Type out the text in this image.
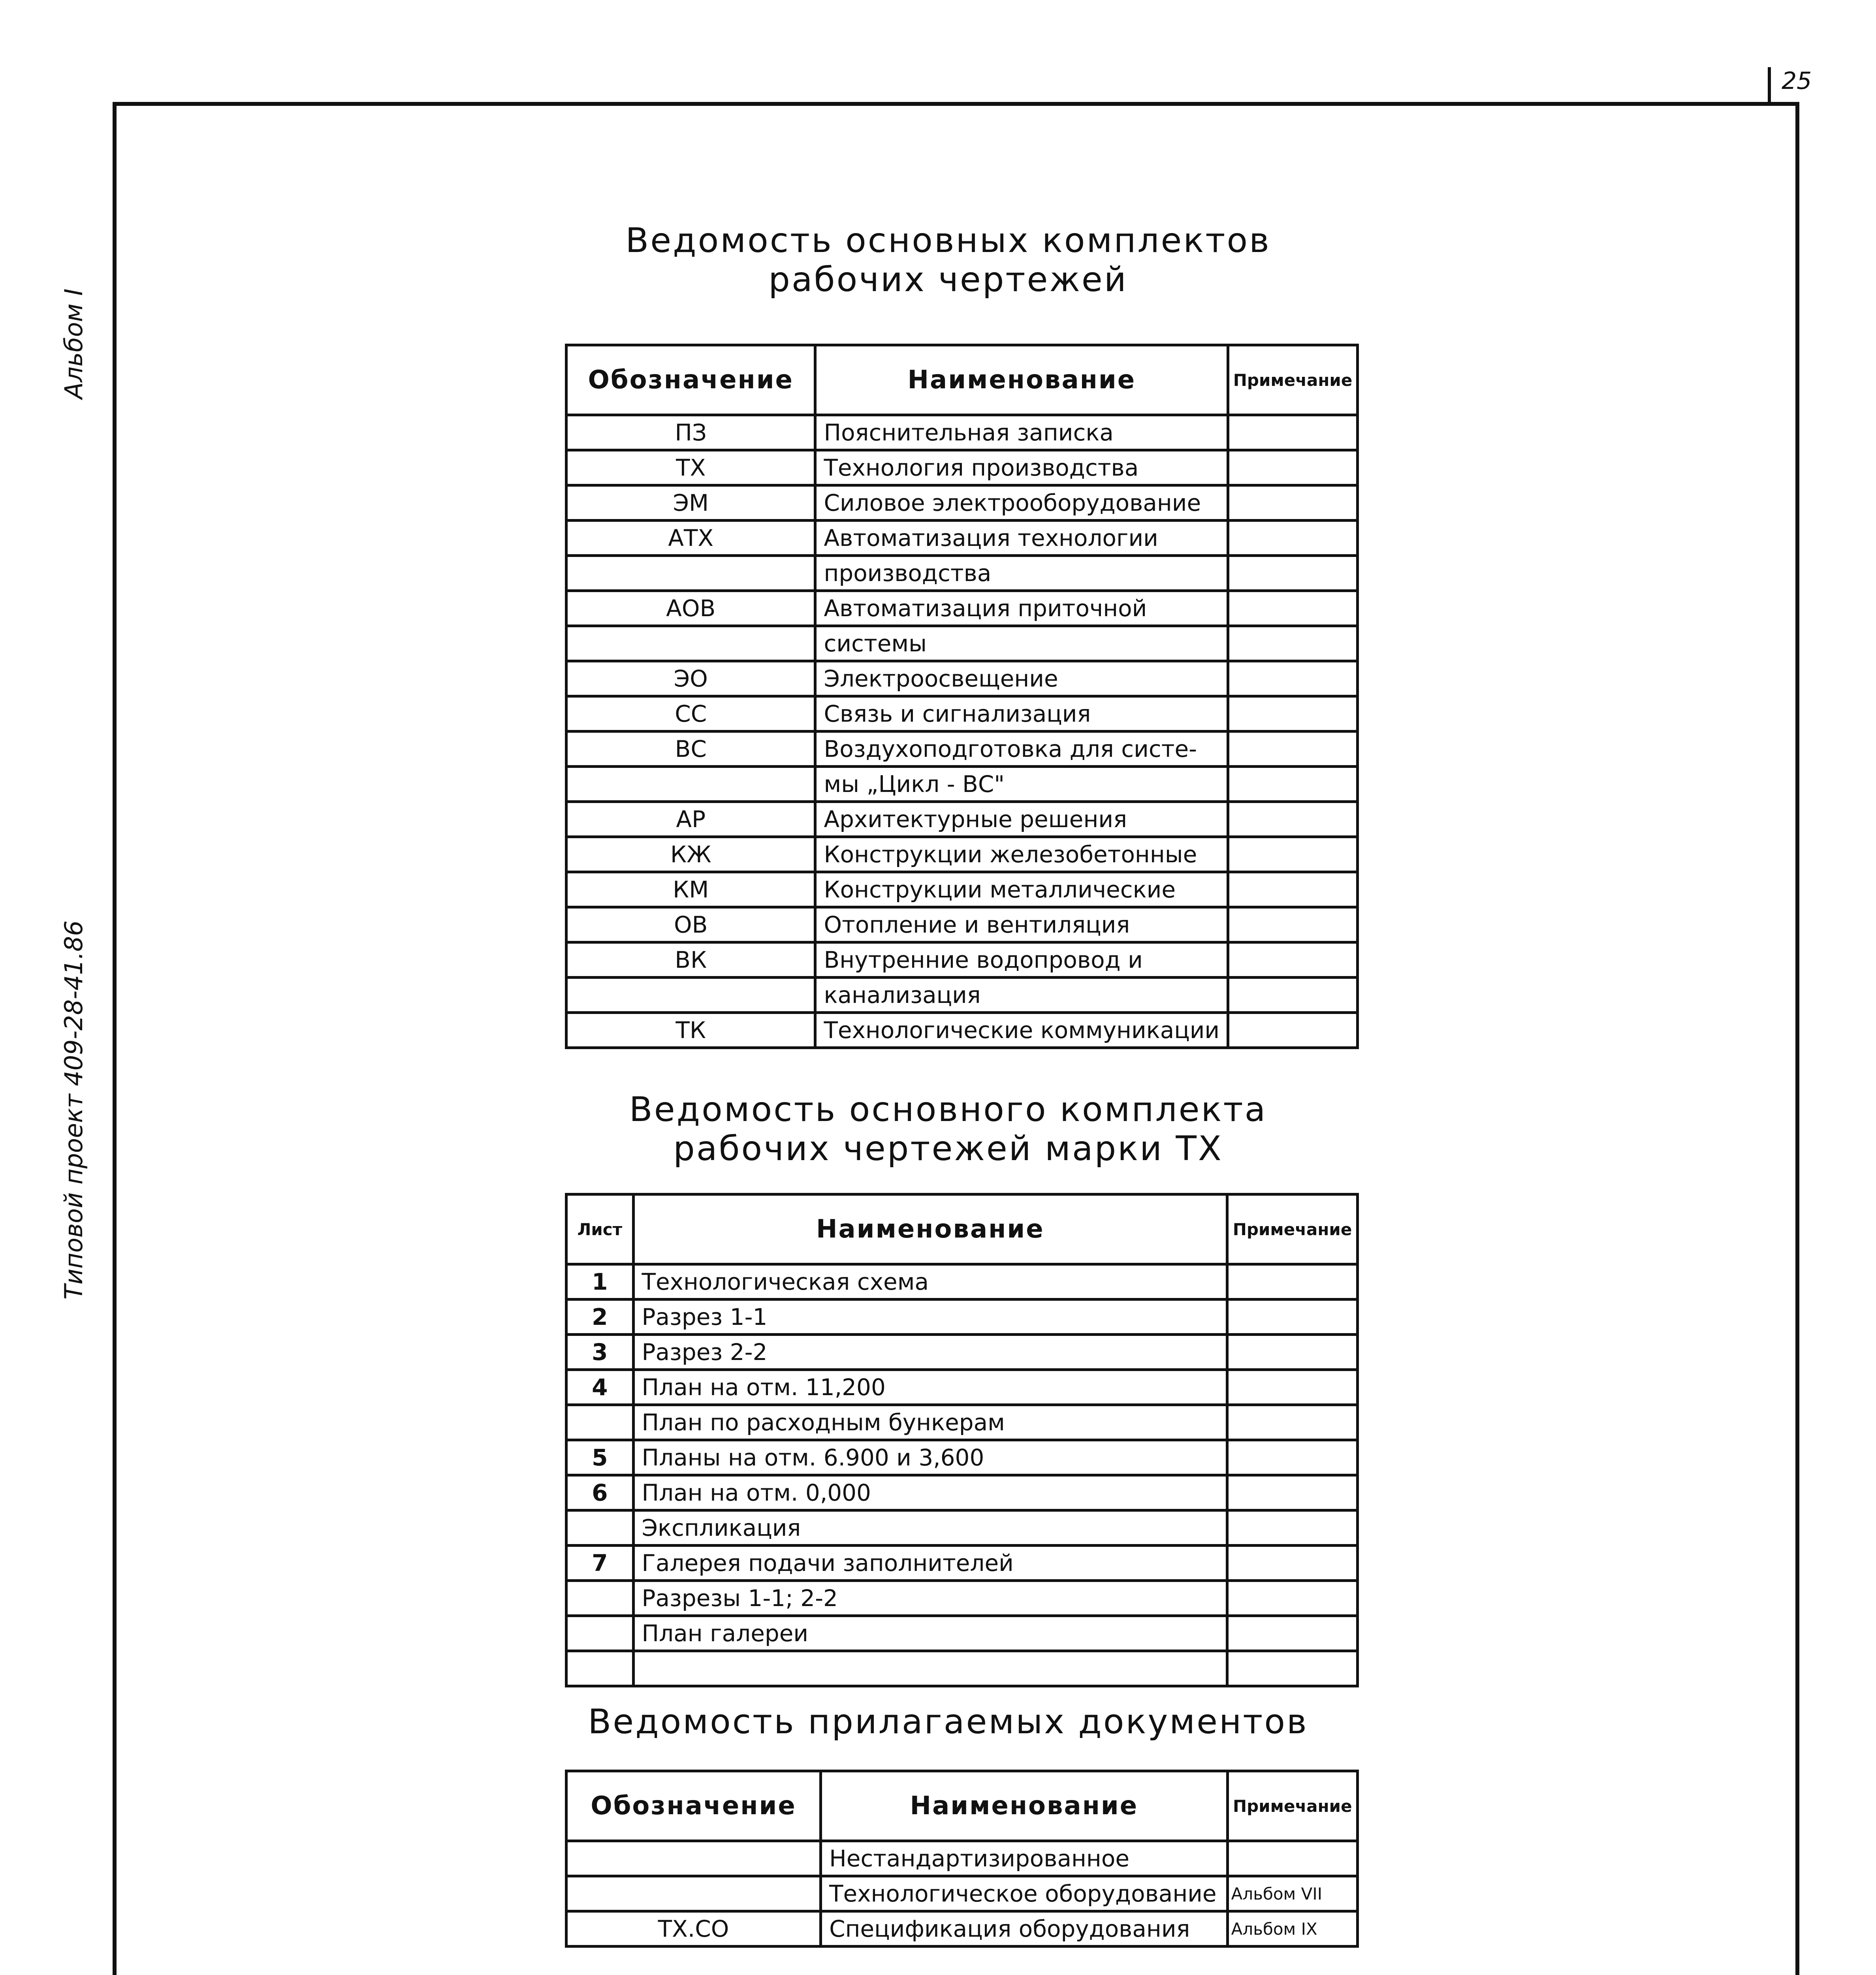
25
Альбом I
Типовой проект 409-28-41.86
Ведомость основных комплектов
рабочих чертежей
Обозначение	Наименование	Примечание
ПЗ	Пояснительная записка	
ТХ	Технология производства	
ЭМ	Силовое электрооборудование	
АТХ	Автоматизация технологии	
	производства	
АОВ	Автоматизация приточной	
	системы	
ЭО	Электроосвещение	
СС	Связь и сигнализация	
ВС	Воздухоподготовка для систе-	
	мы „Цикл - ВС"	
АР	Архитектурные решения	
КЖ	Конструкции железобетонные	
КМ	Конструкции металлические	
ОВ	Отопление и вентиляция	
ВК	Внутренние водопровод и	
	канализация	
ТК	Технологические коммуникации	
Ведомость основного комплекта
рабочих чертежей марки ТХ
Лист	Наименование	Примечание
1	Технологическая схема	
2	Разрез 1-1	
3	Разрез 2-2	
4	План на отм. 11,200	
	План по расходным бункерам	
5	Планы на отм. 6.900 и 3,600	
6	План на отм. 0,000	
	Экспликация	
7	Галерея подачи заполнителей	
	Разрезы 1-1; 2-2	
	План галереи	

Ведомость прилагаемых документов
Обозначение	Наименование	Примечание
	Нестандартизированное	
	Технологическое оборудование	Альбом VII
ТХ.СО	Спецификация оборудования	Альбом IX
